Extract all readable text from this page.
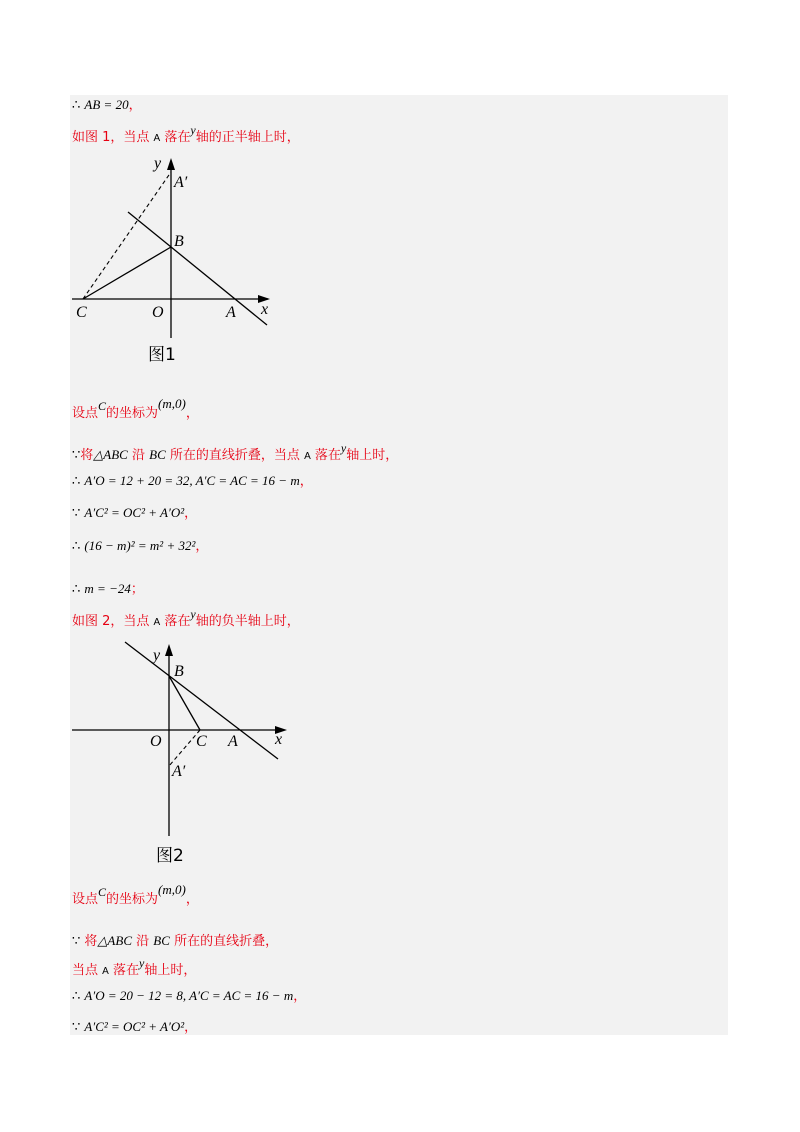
∴ AB = 20，
如图 1，当点 A 落在y轴的正半轴上时，
y
A′
B
C	O	A x
图1
设点C的坐标为(m,0)，
∵将△ABC 沿 BC 所在的直线折叠，当点 A 落在y轴上时，
∴ A′O = 12 + 20 = 32, A′C = AC = 16 − m，
∵ A′C² = OC² + A′O²，
∴ (16 − m)² = m² + 32²，
∴ m = −24；
如图 2，当点 A 落在y轴的负半轴上时，
y
B
O C A x
A′
图2
设点C的坐标为(m,0)，
∵ 将△ABC 沿 BC 所在的直线折叠，
当点 A 落在y轴上时，
∴ A′O = 20 − 12 = 8, A′C = AC = 16 − m，
∵ A′C² = OC² + A′O²，
